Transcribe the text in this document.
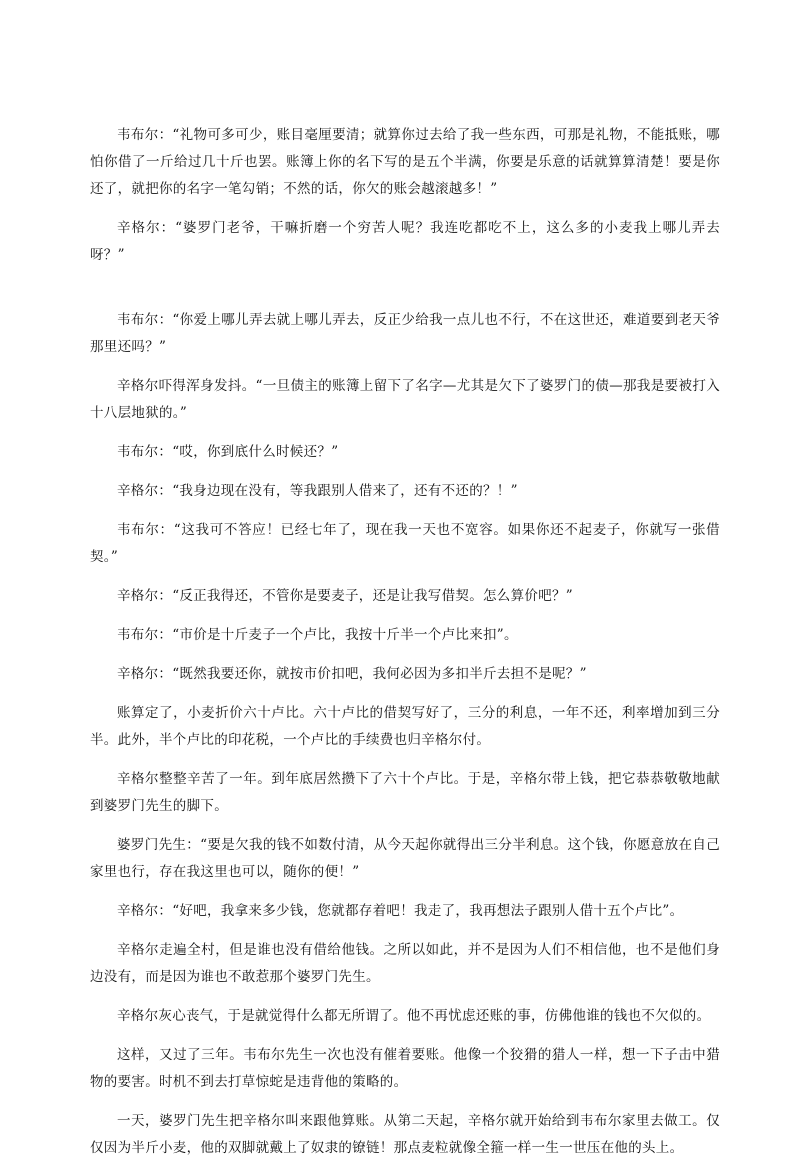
韦布尔：“礼物可多可少，账目毫厘要清；就算你过去给了我一些东西，可那是礼物，不能抵账，哪怕你借了一斤给过几十斤也罢。账簿上你的名下写的是五个半满，你要是乐意的话就算算清楚！要是你还了，就把你的名字一笔勾销；不然的话，你欠的账会越滚越多！”

辛格尔：“婆罗门老爷，干嘛折磨一个穷苦人呢？我连吃都吃不上，这么多的小麦我上哪儿弄去呀？”

韦布尔：“你爱上哪儿弄去就上哪儿弄去，反正少给我一点儿也不行，不在这世还，难道要到老天爷那里还吗？”

辛格尔吓得浑身发抖。“一旦债主的账簿上留下了名字—尤其是欠下了婆罗门的债—那我是要被打入十八层地狱的。”

韦布尔：“哎，你到底什么时候还？”

辛格尔：“我身边现在没有，等我跟别人借来了，还有不还的？！”

韦布尔：“这我可不答应！已经七年了，现在我一天也不宽容。如果你还不起麦子，你就写一张借契。”

辛格尔：“反正我得还，不管你是要麦子，还是让我写借契。怎么算价吧？”

韦布尔：“市价是十斤麦子一个卢比，我按十斤半一个卢比来扣”。

辛格尔：“既然我要还你，就按市价扣吧，我何必因为多扣半斤去担不是呢？”

账算定了，小麦折价六十卢比。六十卢比的借契写好了，三分的利息，一年不还，利率增加到三分半。此外，半个卢比的印花税，一个卢比的手续费也归辛格尔付。

辛格尔整整辛苦了一年。到年底居然攒下了六十个卢比。于是，辛格尔带上钱，把它恭恭敬敬地献到婆罗门先生的脚下。

婆罗门先生：“要是欠我的钱不如数付清，从今天起你就得出三分半利息。这个钱，你愿意放在自己家里也行，存在我这里也可以，随你的便！”

辛格尔：“好吧，我拿来多少钱，您就都存着吧！我走了，我再想法子跟别人借十五个卢比”。

辛格尔走遍全村，但是谁也没有借给他钱。之所以如此，并不是因为人们不相信他，也不是他们身边没有，而是因为谁也不敢惹那个婆罗门先生。

辛格尔灰心丧气，于是就觉得什么都无所谓了。他不再忧虑还账的事，仿佛他谁的钱也不欠似的。

这样，又过了三年。韦布尔先生一次也没有催着要账。他像一个狡猾的猎人一样，想一下子击中猎物的要害。时机不到去打草惊蛇是违背他的策略的。

一天，婆罗门先生把辛格尔叫来跟他算账。从第二天起，辛格尔就开始给到韦布尔家里去做工。仅仅因为半斤小麦，他的双脚就戴上了奴隶的镣链！那点麦粒就像全箍一样一生一世压在他的头上。
